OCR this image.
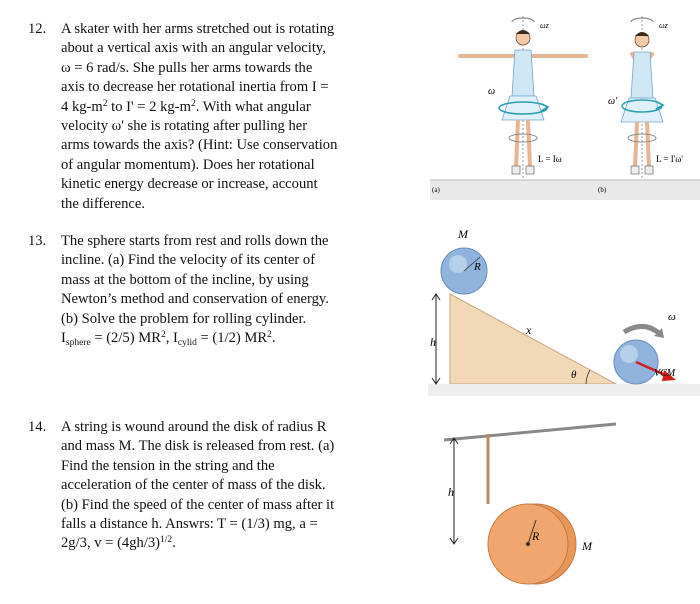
12. A skater with her arms stretched out is rotating
about a vertical axis with an angular velocity,
ω = 6 rad/s. She pulls her arms towards the
axis to decrease her rotational inertia from I =
4 $kg-m^2$ to I' = 2 $kg-m^2$. With what angular
velocity ω' she is rotating after pulling her
arms towards the axis? (Hint: Use conservation
of angular momentum). Does her rotational
kinetic energy decrease or increase, account
the difference.
13. The sphere starts from rest and rolls down the
incline. (a) Find the velocity of its center of
mass at the bottom of the incline, by using
Newton’s method and conservation of energy.
(b) Solve the problem for rolling cylinder.
$I_{sphere} = (2/5)$ $MR^2$, $I_{cylid} = (1/2)$ $MR^2$.
14. A string is wound around the disk of radius R
and mass M. The disk is released from rest. (a)
Find the tension in the string and the
acceleration of the center of mass of the disk.
(b) Find the speed of the center of mass after it
falls a distance h. Answrs: T = (1/3) mg, a =
2g/3, $v = (4gh/3)^{1/2}$.
ω
ωz
L = Iω
(a)
ω'
ωz
L = I'ω'
(b)
h
M
R
x
θ
ω
VCM
h
R
M
